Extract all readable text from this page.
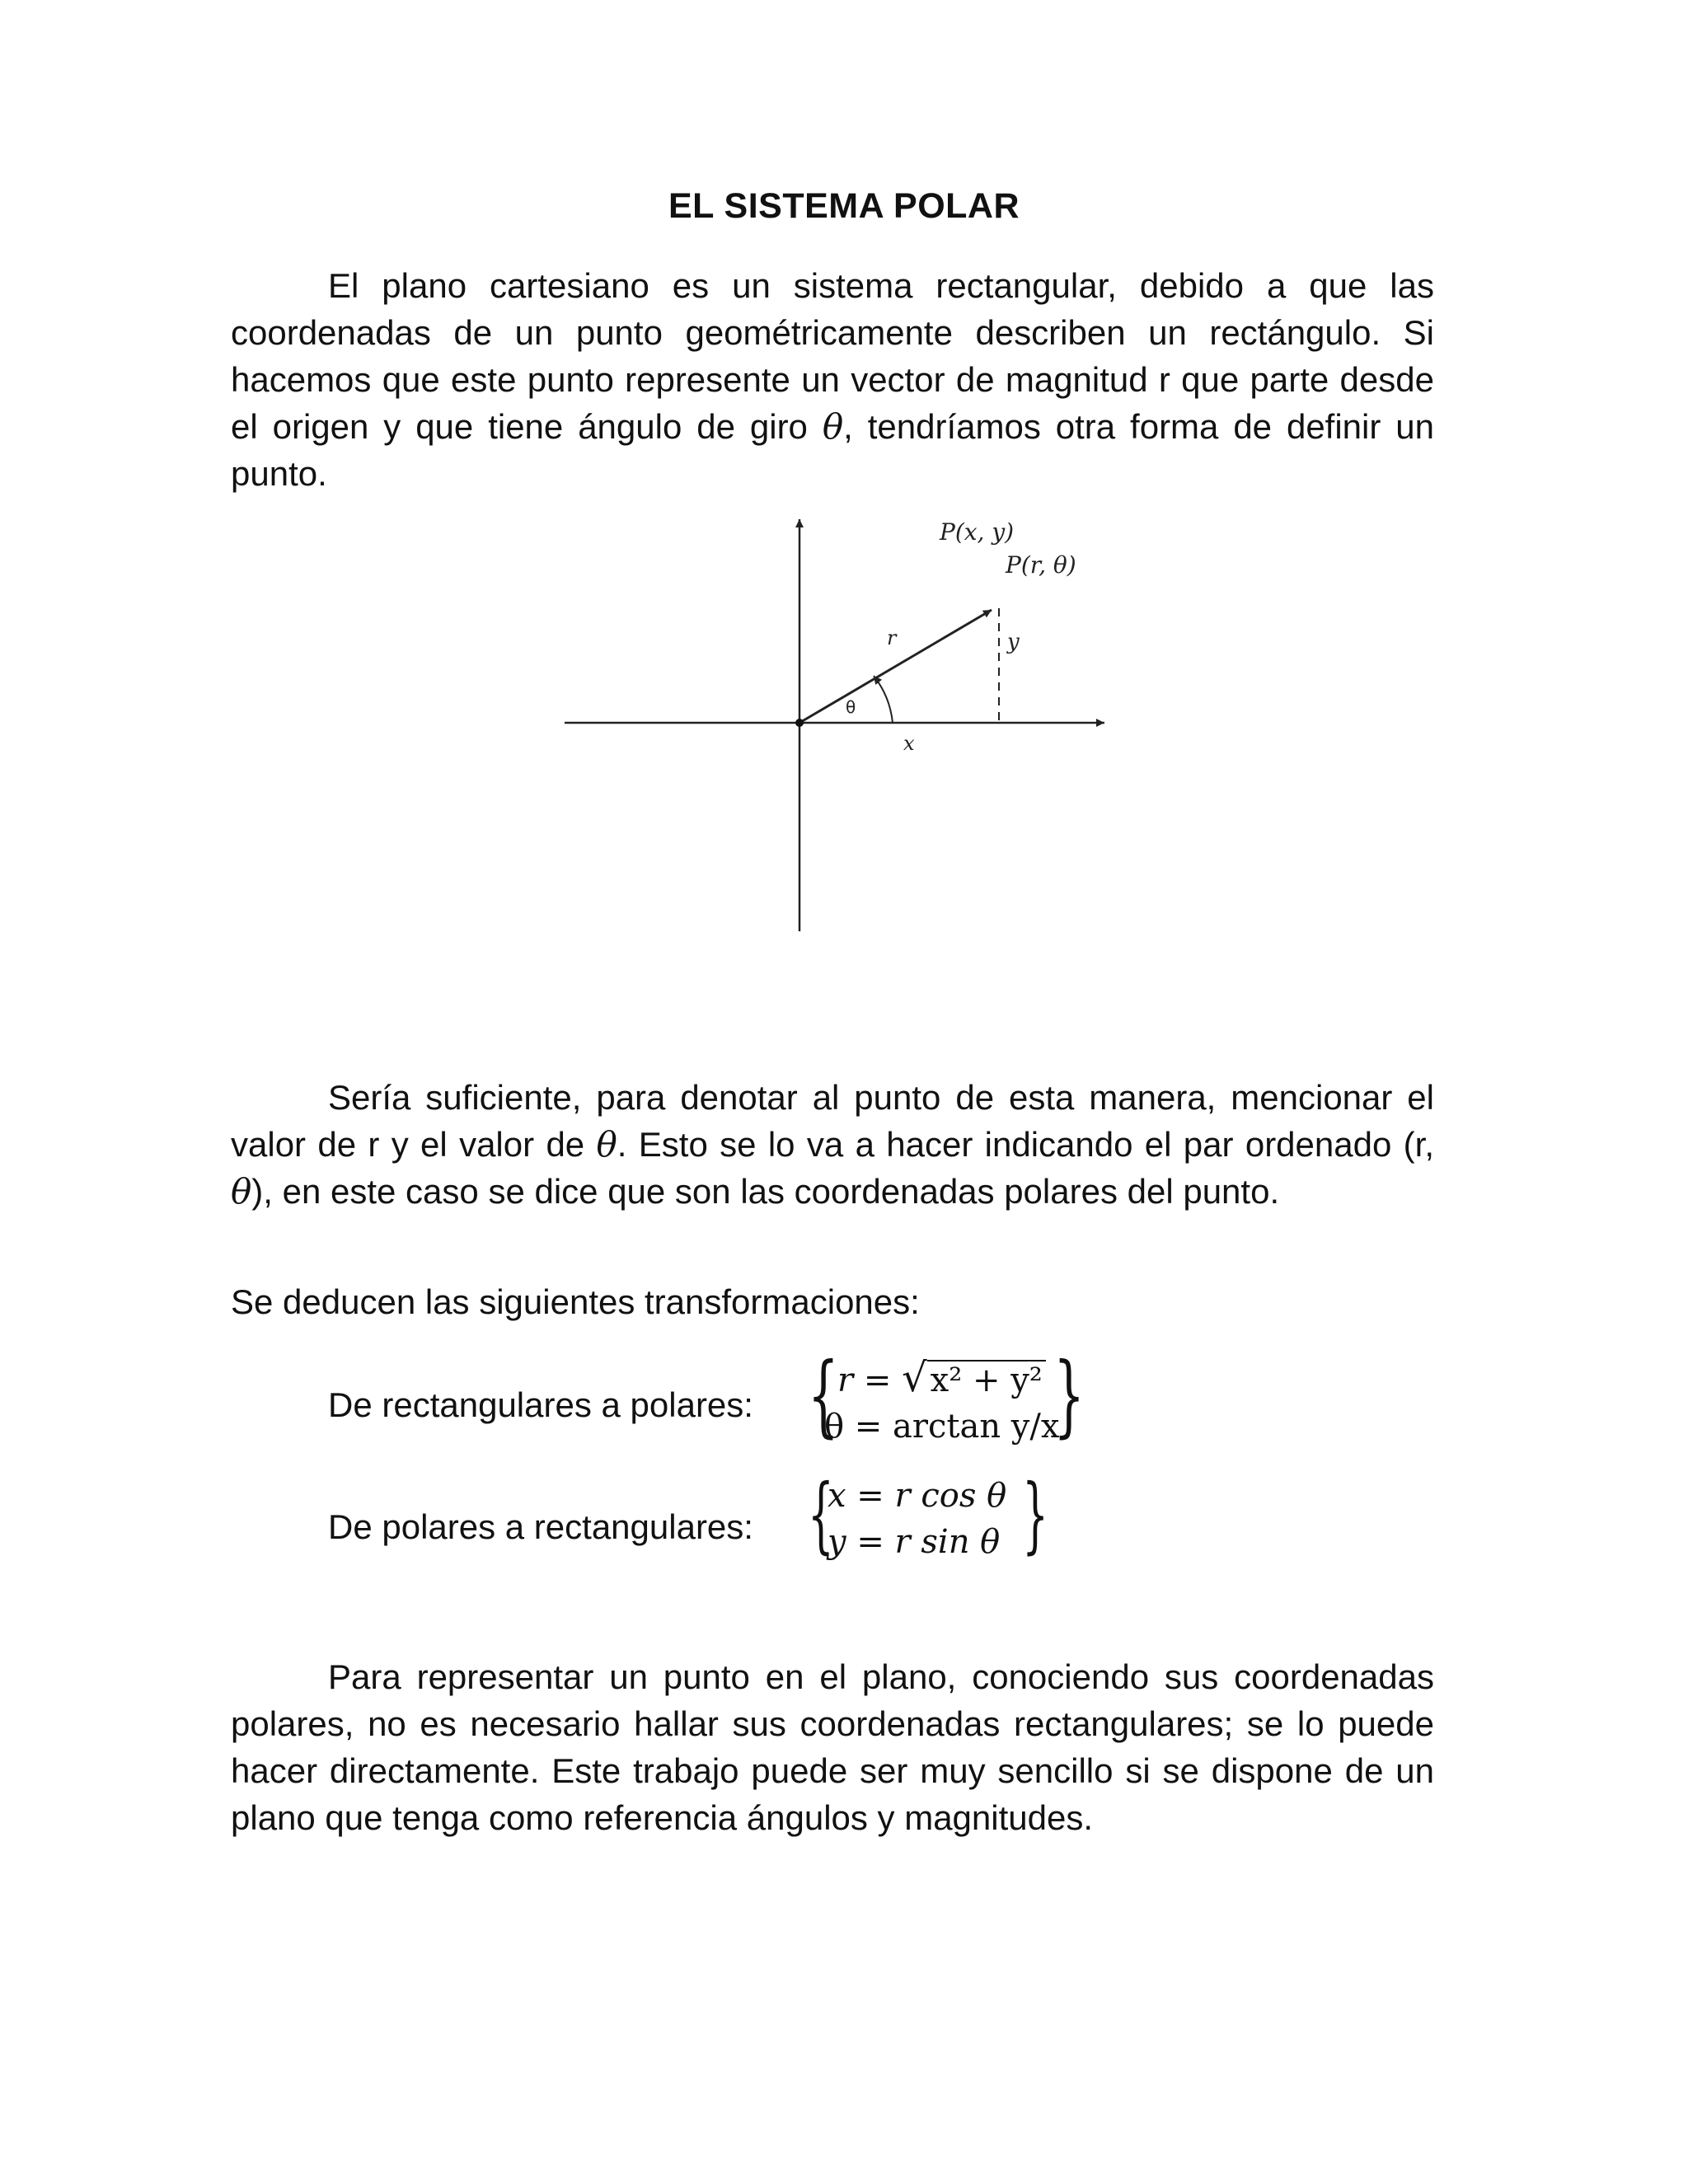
EL SISTEMA POLAR

El plano cartesiano es un sistema rectangular, debido a que las coordenadas de un punto geométricamente describen un rectángulo. Si hacemos que este punto represente un vector de magnitud r que parte desde el origen y que tiene ángulo de giro θ, tendríamos otra forma de definir un punto.

P(x, y)
P(r, θ)
r	y
θ
x

Sería suficiente, para denotar al punto de esta manera, mencionar el valor de r y el valor de θ. Esto se lo va a hacer indicando el par ordenado (r, θ), en este caso se dice que son las coordenadas polares del punto.

Se deducen las siguientes transformaciones:

De rectangulares a polares: {
r = √ x² + y²
θ = arctan y/x
{
De polares a rectangulares: {
x = r cos θ
y = r sin θ {

Para representar un punto en el plano, conociendo sus coordenadas polares, no es necesario hallar sus coordenadas rectangulares; se lo puede hacer directamente. Este trabajo puede ser muy sencillo si se dispone de un plano que tenga como referencia ángulos y magnitudes.
